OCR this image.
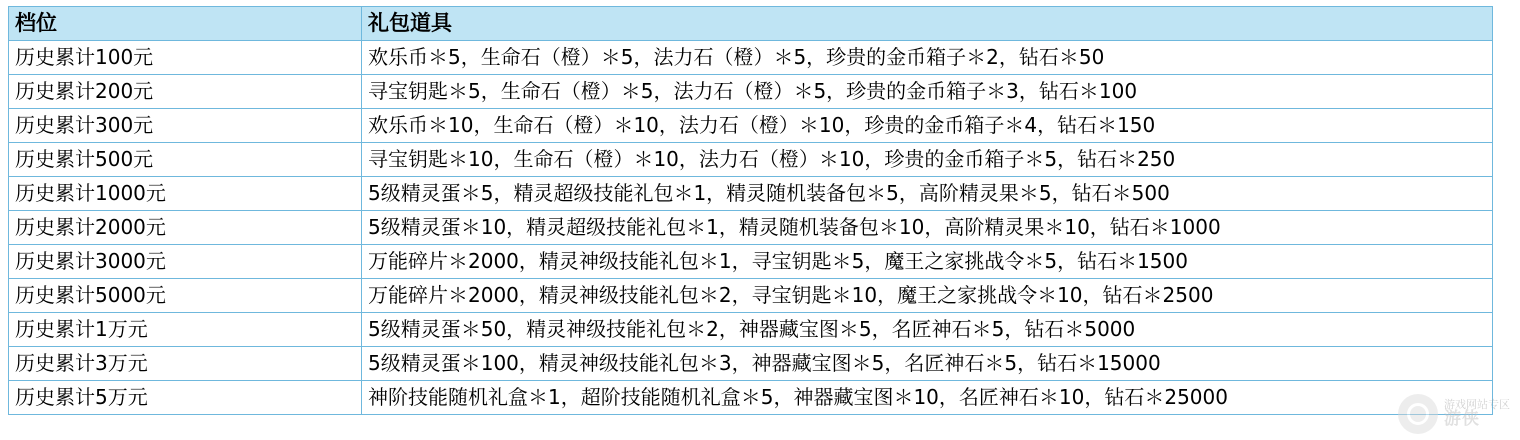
档位	礼包道具
历史累计100元	欢乐币＊5，生命石（橙）＊5，法力石（橙）＊5，珍贵的金币箱子＊2，钻石＊50
历史累计200元	寻宝钥匙＊5，生命石（橙）＊5，法力石（橙）＊5，珍贵的金币箱子＊3，钻石＊100
历史累计300元	欢乐币＊10，生命石（橙）＊10，法力石（橙）＊10，珍贵的金币箱子＊4，钻石＊150
历史累计500元	寻宝钥匙＊10，生命石（橙）＊10，法力石（橙）＊10，珍贵的金币箱子＊5，钻石＊250
历史累计1000元	5级精灵蛋＊5，精灵超级技能礼包＊1，精灵随机装备包＊5，高阶精灵果＊5，钻石＊500
历史累计2000元	5级精灵蛋＊10，精灵超级技能礼包＊1，精灵随机装备包＊10，高阶精灵果＊10，钻石＊1000
历史累计3000元	万能碎片＊2000，精灵神级技能礼包＊1，寻宝钥匙＊5，魔王之家挑战令＊5，钻石＊1500
历史累计5000元	万能碎片＊2000，精灵神级技能礼包＊2，寻宝钥匙＊10，魔王之家挑战令＊10，钻石＊2500
历史累计1万元	5级精灵蛋＊50，精灵神级技能礼包＊2，神器藏宝图＊5，名匠神石＊5，钻石＊5000
历史累计3万元	5级精灵蛋＊100，精灵神级技能礼包＊3，神器藏宝图＊5，名匠神石＊5，钻石＊15000
历史累计5万元	神阶技能随机礼盒＊1，超阶技能随机礼盒＊5，神器藏宝图＊10，名匠神石＊10，钻石＊25000	游戏网站专区
游侠
